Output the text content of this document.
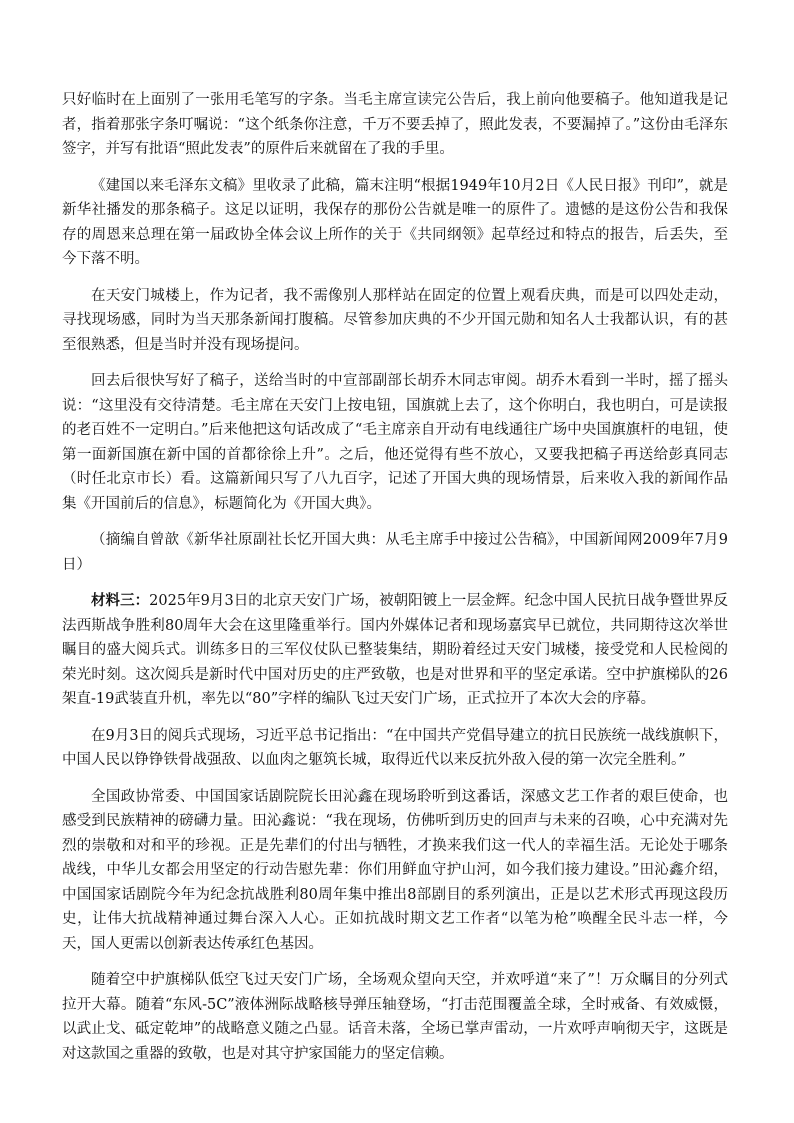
只好临时在上面别了一张用毛笔写的字条。当毛主席宣读完公告后，我上前向他要稿子。他知道我是记者，指着那张字条叮嘱说：“这个纸条你注意，千万不要丢掉了，照此发表，不要漏掉了。”这份由毛泽东签字，并写有批语“照此发表”的原件后来就留在了我的手里。

《建国以来毛泽东文稿》里收录了此稿，篇末注明“根据1949年10月2日《人民日报》刊印”，就是新华社播发的那条稿子。这足以证明，我保存的那份公告就是唯一的原件了。遗憾的是这份公告和我保存的周恩来总理在第一届政协全体会议上所作的关于《共同纲领》起草经过和特点的报告，后丢失，至今下落不明。

在天安门城楼上，作为记者，我不需像别人那样站在固定的位置上观看庆典，而是可以四处走动，寻找现场感，同时为当天那条新闻打腹稿。尽管参加庆典的不少开国元勋和知名人士我都认识，有的甚至很熟悉，但是当时并没有现场提问。

回去后很快写好了稿子，送给当时的中宣部副部长胡乔木同志审阅。胡乔木看到一半时，摇了摇头说：“这里没有交待清楚。毛主席在天安门上按电钮，国旗就上去了，这个你明白，我也明白，可是读报的老百姓不一定明白。”后来他把这句话改成了“毛主席亲自开动有电线通往广场中央国旗旗杆的电钮，使第一面新国旗在新中国的首都徐徐上升”。之后，他还觉得有些不放心，又要我把稿子再送给彭真同志（时任北京市长）看。这篇新闻只写了八九百字，记述了开国大典的现场情景，后来收入我的新闻作品集《开国前后的信息》，标题简化为《开国大典》。

（摘编自曾歆《新华社原副社长忆开国大典：从毛主席手中接过公告稿》，中国新闻网2009年7月9日）

材料三：2025年9月3日的北京天安门广场，被朝阳镀上一层金辉。纪念中国人民抗日战争暨世界反法西斯战争胜利80周年大会在这里隆重举行。国内外媒体记者和现场嘉宾早已就位，共同期待这次举世瞩目的盛大阅兵式。训练多日的三军仪仗队已整装集结，期盼着经过天安门城楼，接受党和人民检阅的荣光时刻。这次阅兵是新时代中国对历史的庄严致敬，也是对世界和平的坚定承诺。空中护旗梯队的26架直-19武装直升机，率先以“80”字样的编队飞过天安门广场，正式拉开了本次大会的序幕。

在9月3日的阅兵式现场，习近平总书记指出：“在中国共产党倡导建立的抗日民族统一战线旗帜下，中国人民以铮铮铁骨战强敌、以血肉之躯筑长城，取得近代以来反抗外敌入侵的第一次完全胜利。”

全国政协常委、中国国家话剧院院长田沁鑫在现场聆听到这番话，深感文艺工作者的艰巨使命，也感受到民族精神的磅礴力量。田沁鑫说：“我在现场，仿佛听到历史的回声与未来的召唤，心中充满对先烈的崇敬和对和平的珍视。正是先辈们的付出与牺牲，才换来我们这一代人的幸福生活。无论处于哪条战线，中华儿女都会用坚定的行动告慰先辈：你们用鲜血守护山河，如今我们接力建设。”田沁鑫介绍，中国国家话剧院今年为纪念抗战胜利80周年集中推出8部剧目的系列演出，正是以艺术形式再现这段历史，让伟大抗战精神通过舞台深入人心。正如抗战时期文艺工作者“以笔为枪”唤醒全民斗志一样，今天，国人更需以创新表达传承红色基因。

随着空中护旗梯队低空飞过天安门广场，全场观众望向天空，并欢呼道“来了”！万众瞩目的分列式拉开大幕。随着“东风-5C”液体洲际战略核导弹压轴登场，“打击范围覆盖全球，全时戒备、有效威慑，以武止戈、砥定乾坤”的战略意义随之凸显。话音未落，全场已掌声雷动，一片欢呼声响彻天宇，这既是对这款国之重器的致敬，也是对其守护家国能力的坚定信赖。
